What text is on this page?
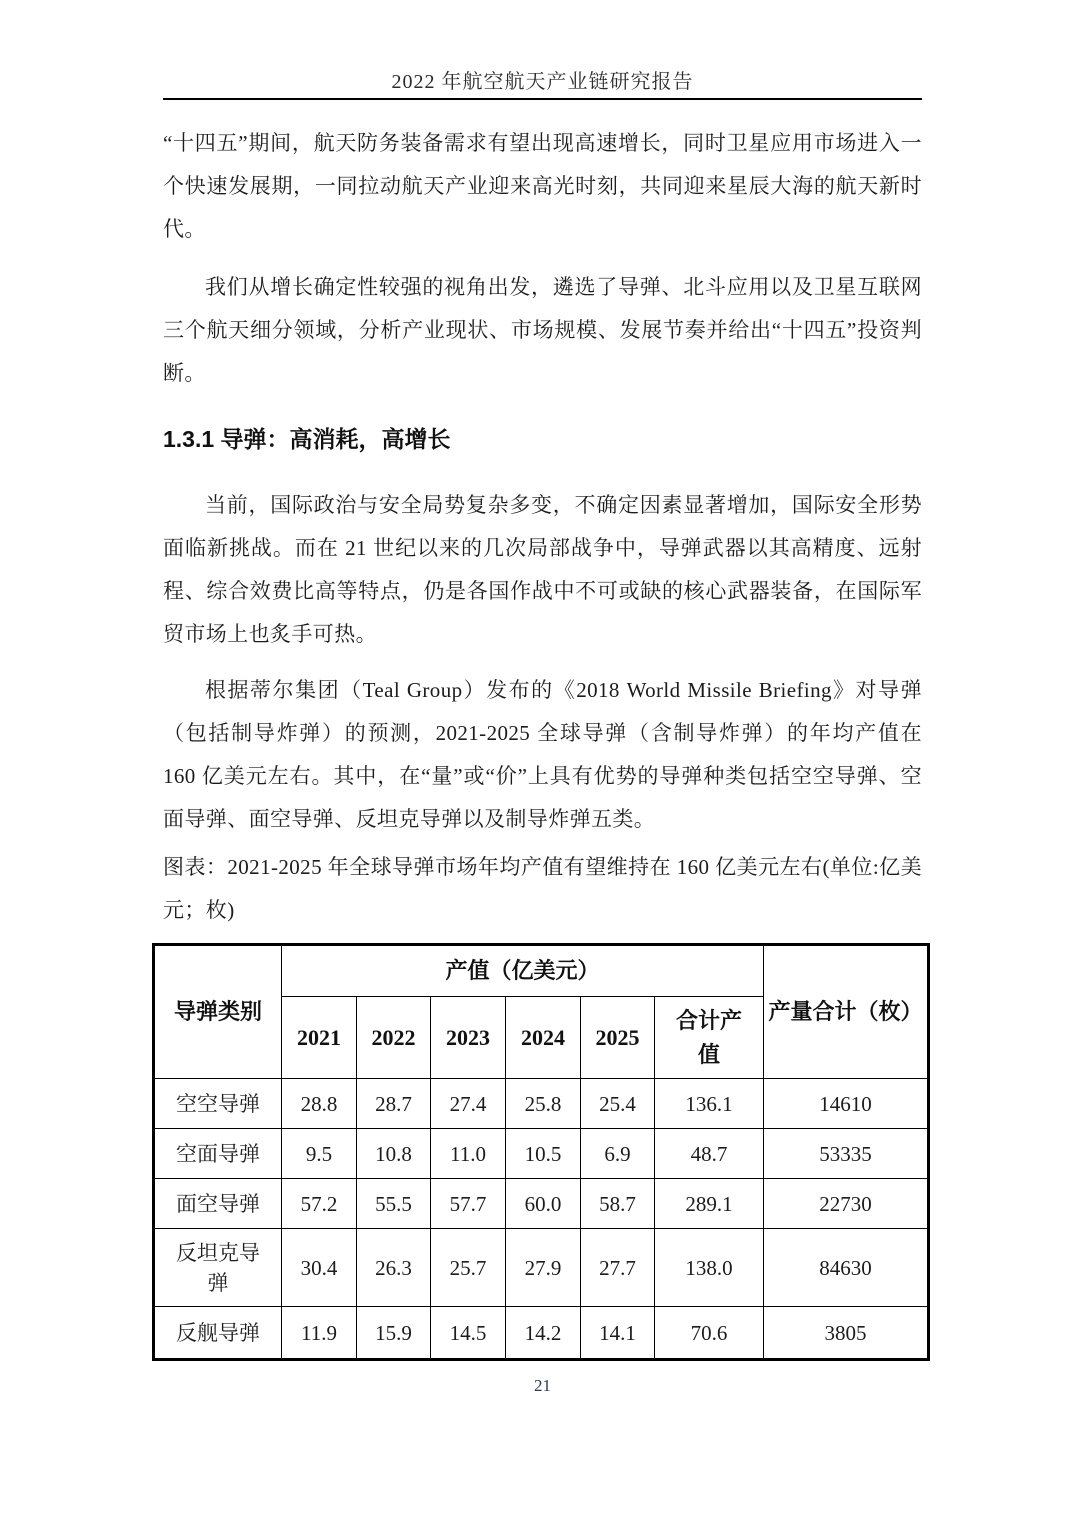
2022 年航空航天产业链研究报告

“十四五”期间，航天防务装备需求有望出现高速增长，同时卫星应用市场进入一个快速发展期，一同拉动航天产业迎来高光时刻，共同迎来星辰大海的航天新时代。

我们从增长确定性较强的视角出发，遴选了导弹、北斗应用以及卫星互联网三个航天细分领域，分析产业现状、市场规模、发展节奏并给出“十四五”投资判断。

1.3.1 导弹：高消耗，高增长

当前，国际政治与安全局势复杂多变，不确定因素显著增加，国际安全形势面临新挑战。而在 21 世纪以来的几次局部战争中，导弹武器以其高精度、远射程、综合效费比高等特点，仍是各国作战中不可或缺的核心武器装备，在国际军贸市场上也炙手可热。

根据蒂尔集团（Teal Group）发布的《2018 World Missile Briefing》对导弹（包括制导炸弹）的预测，2021-2025 全球导弹（含制导炸弹）的年均产值在 160 亿美元左右。其中，在“量”或“价”上具有优势的导弹种类包括空空导弹、空面导弹、面空导弹、反坦克导弹以及制导炸弹五类。

图表：2021-2025 年全球导弹市场年均产值有望维持在 160 亿美元左右(单位:亿美元；枚)

导弹类别	产值（亿美元）						产量合计（枚）
	2021	2022	2023	2024	2025	合计产值	
空空导弹	28.8	28.7	27.4	25.8	25.4	136.1	14610
空面导弹	9.5	10.8	11.0	10.5	6.9	48.7	53335
面空导弹	57.2	55.5	57.7	60.0	58.7	289.1	22730
反坦克导弹	30.4	26.3	25.7	27.9	27.7	138.0	84630
反舰导弹	11.9	15.9	14.5	14.2	14.1	70.6	3805
21
